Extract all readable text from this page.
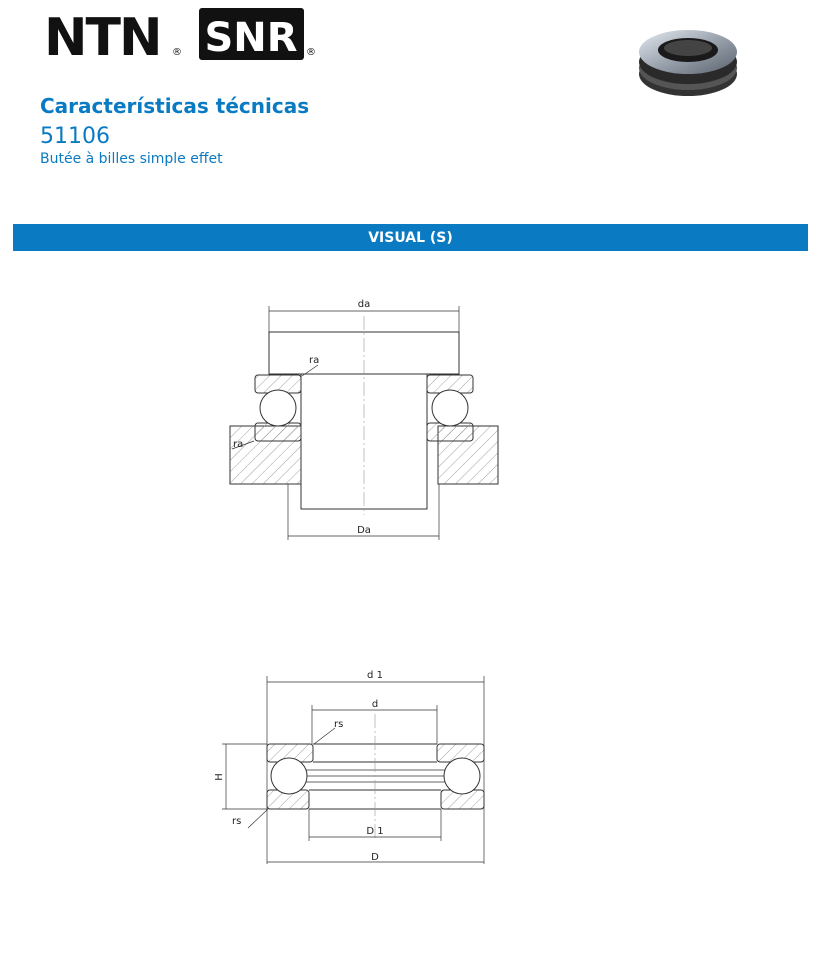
NTN ® SNR ®
Características técnicas
51106
Butée à billes simple effet
VISUAL (S)
da
ra
ra
Da
d 1
d
rs
H
rs
D 1
D
